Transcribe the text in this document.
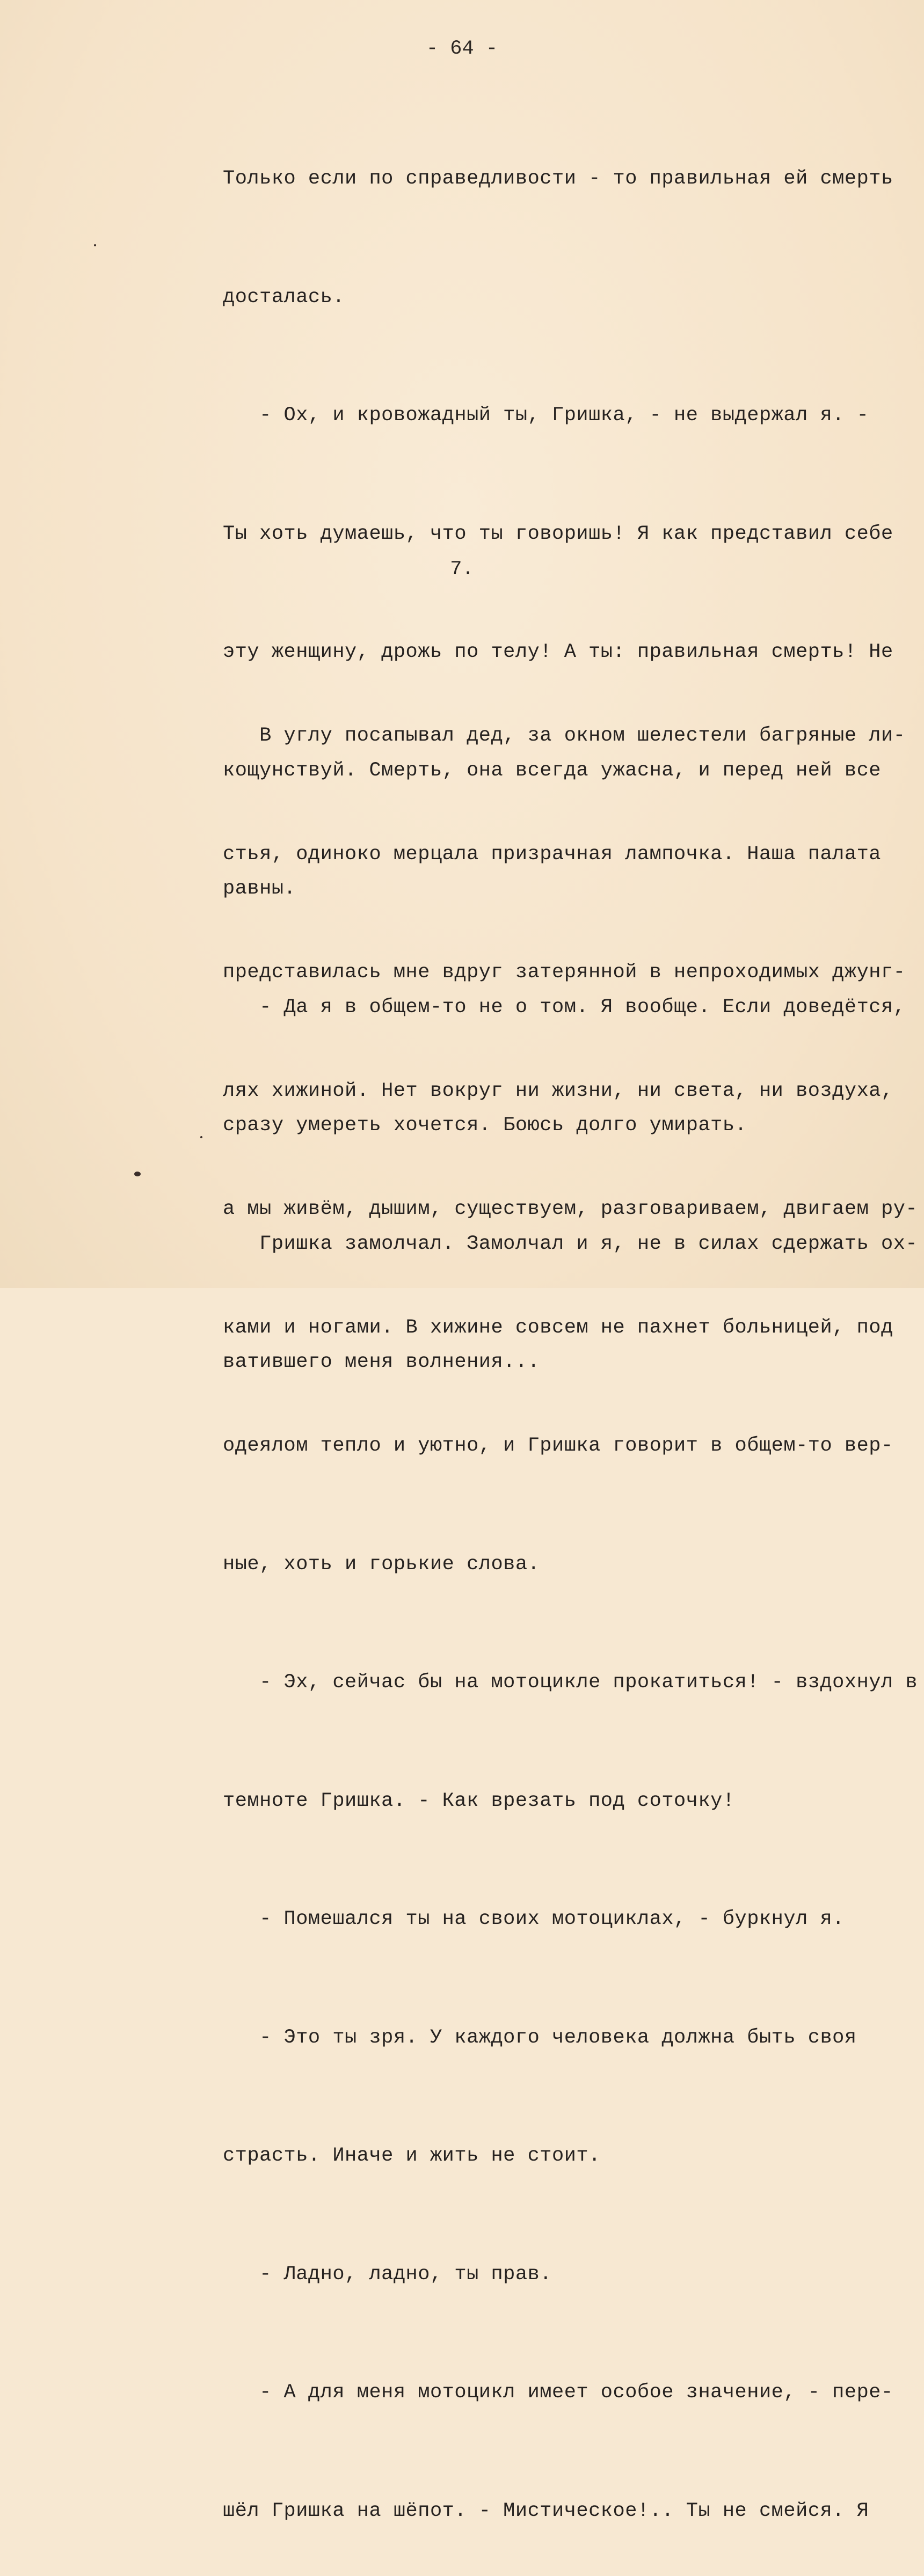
- 64 -

Только если по справедливости - то правильная ей смерть

досталась.

- Ох, и кровожадный ты, Гришка, - не выдержал я. -

Ты хоть думаешь, что ты говоришь! Я как представил себе

эту женщину, дрожь по телу! А ты: правильная смерть! Не

кощунствуй. Смерть, она всегда ужасна, и перед ней все

равны.

- Да я в общем-то не о том. Я вообще. Если доведётся,

сразу умереть хочется. Боюсь долго умирать.

Гришка замолчал. Замолчал и я, не в силах сдержать ох-

ватившего меня волнения...

7.

В углу посапывал дед, за окном шелестели багряные ли-

стья, одиноко мерцала призрачная лампочка. Наша палата

представилась мне вдруг затерянной в непроходимых джунг-

лях хижиной. Нет вокруг ни жизни, ни света, ни воздуха,

а мы живём, дышим, существуем, разговариваем, двигаем ру-

ками и ногами. В хижине совсем не пахнет больницей, под

одеялом тепло и уютно, и Гришка говорит в общем-то вер-

ные, хоть и горькие слова.

- Эх, сейчас бы на мотоцикле прокатиться! - вздохнул в

темноте Гришка. - Как врезать под соточку!

- Помешался ты на своих мотоциклах, - буркнул я.

- Это ты зря. У каждого человека должна быть своя

страсть. Иначе и жить не стоит.

- Ладно, ладно, ты прав.

- А для меня мотоцикл имеет особое значение, - пере-

шёл Гришка на шёпот. - Мистическое!.. Ты не смейся. Я
